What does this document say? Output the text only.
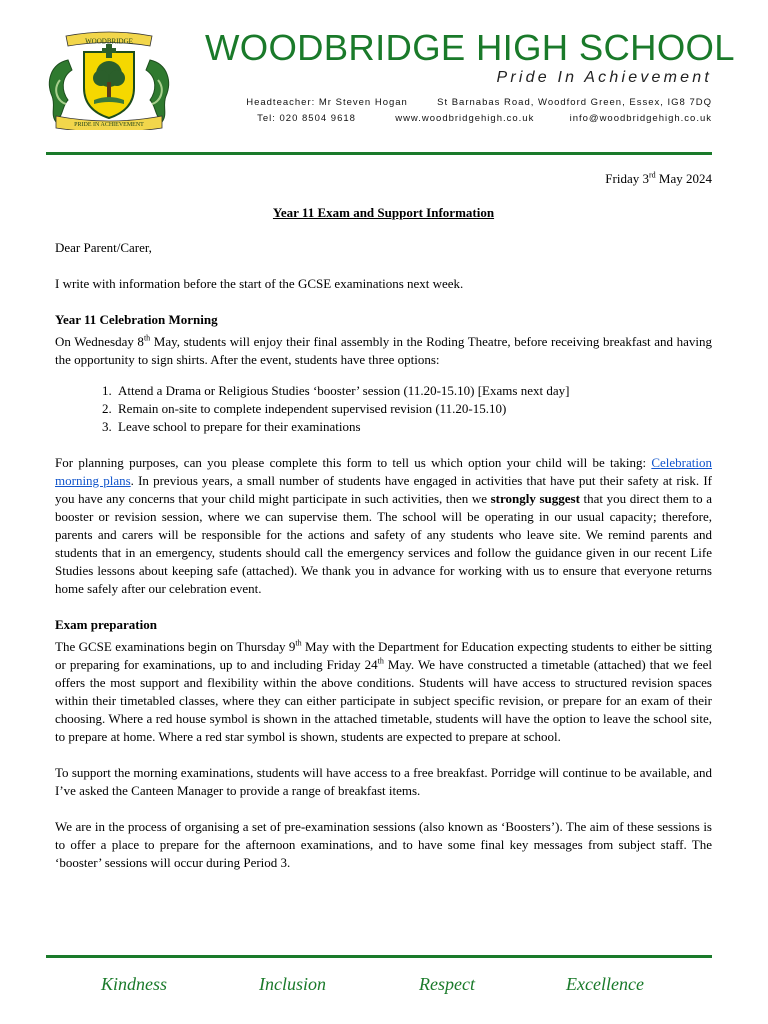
WOODBRIDGE
PRIDE IN ACHIEVEMENT
WOODBRIDGE HIGH SCHOOL
Pride In Achievement
Headteacher: Mr Steven Hogan	St Barnabas Road, Woodford Green, Essex, IG8 7DQ
Tel: 020 8504 9618	www.woodbridgehigh.co.uk	info@woodbridgehigh.co.uk
Friday 3rd May 2024

Year 11 Exam and Support Information

Dear Parent/Carer,

I write with information before the start of the GCSE examinations next week.

Year 11 Celebration Morning

On Wednesday 8th May, students will enjoy their final assembly in the Roding Theatre, before receiving breakfast and having the opportunity to sign shirts. After the event, students have three options:

1. Attend a Drama or Religious Studies ‘booster’ session (11.20-15.10) [Exams next day]
2. Remain on-site to complete independent supervised revision (11.20-15.10)
3. Leave school to prepare for their examinations

For planning purposes, can you please complete this form to tell us which option your child will be taking: Celebration morning plans. In previous years, a small number of students have engaged in activities that have put their safety at risk. If you have any concerns that your child might participate in such activities, then we strongly suggest that you direct them to a booster or revision session, where we can supervise them. The school will be operating in our usual capacity; therefore, parents and carers will be responsible for the actions and safety of any students who leave site. We remind parents and students that in an emergency, students should call the emergency services and follow the guidance given in our recent Life Studies lessons about keeping safe (attached). We thank you in advance for working with us to ensure that everyone returns home safely after our celebration event.

Exam preparation

The GCSE examinations begin on Thursday 9th May with the Department for Education expecting students to either be sitting or preparing for examinations, up to and including Friday 24th May. We have constructed a timetable (attached) that we feel offers the most support and flexibility within the above conditions. Students will have access to structured revision spaces within their timetabled classes, where they can either participate in subject specific revision, or prepare for an exam of their choosing. Where a red house symbol is shown in the attached timetable, students will have the option to leave the school site, to prepare at home. Where a red star symbol is shown, students are expected to prepare at school.

To support the morning examinations, students will have access to a free breakfast. Porridge will continue to be available, and I’ve asked the Canteen Manager to provide a range of breakfast items.

We are in the process of organising a set of pre-examination sessions (also known as ‘Boosters’). The aim of these sessions is to offer a place to prepare for the afternoon examinations, and to have some final key messages from subject staff. The ‘booster’ sessions will occur during Period 3.

Kindness	Inclusion	Respect	Excellence
